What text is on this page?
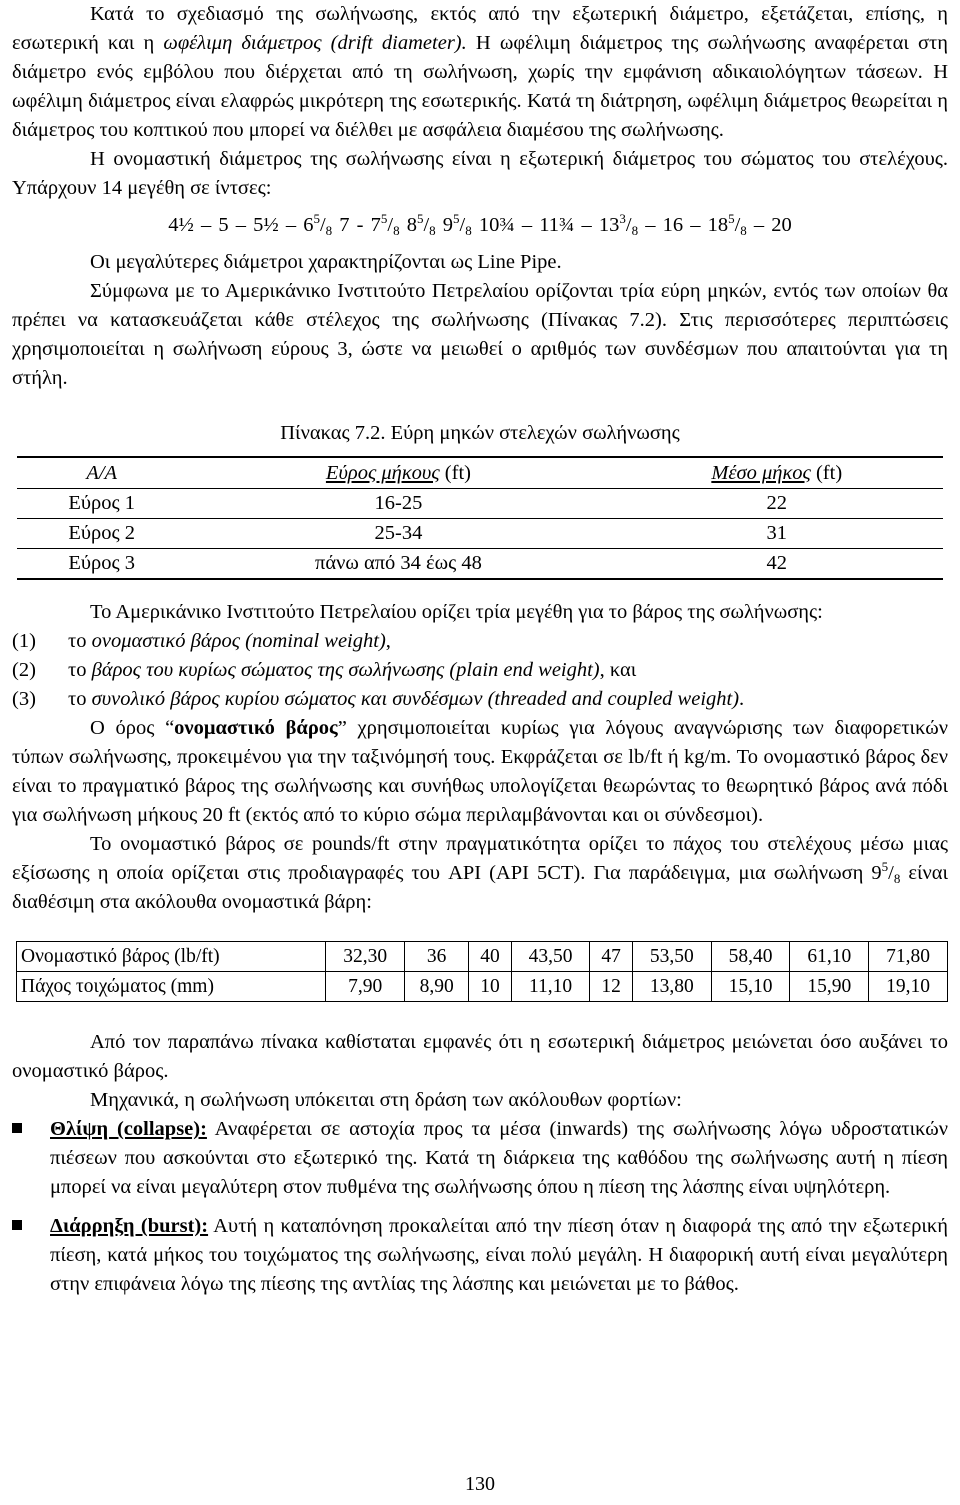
Κατά το σχεδιασμό της σωλήνωσης, εκτός από την εξωτερική διάμετρο, εξετάζεται, επίσης, η εσωτερική και η ωφέλιμη διάμετρος (drift diameter). Η ωφέλιμη διάμετρος της σωλήνωσης αναφέρεται στη διάμετρο ενός εμβόλου που διέρχεται από τη σωλήνωση, χωρίς την εμφάνιση αδικαιολόγητων τάσεων. Η ωφέλιμη διάμετρος είναι ελαφρώς μικρότερη της εσωτερικής. Κατά τη διάτρηση, ωφέλιμη διάμετρος θεωρείται η διάμετρος του κοπτικού που μπορεί να διέλθει με ασφάλεια διαμέσου της σωλήνωσης.

Η ονομαστική διάμετρος της σωλήνωσης είναι η εξωτερική διάμετρος του σώματος του στελέχους. Υπάρχουν 14 μεγέθη σε ίντσες:

4½ – 5 – 5½ – $6^5/_8$ $7 - 7^5/_8$ $8^5/_8$ $9^5/_8$ 10¾ – 11¾ – $13^3/_8 - 16 - 18^5/_8 - 20$

Οι μεγαλύτερες διάμετροι χαρακτηρίζονται ως Line Pipe.

Σύμφωνα με το Αμερικάνικο Ινστιτούτο Πετρελαίου ορίζονται τρία εύρη μηκών, εντός των οποίων θα πρέπει να κατασκευάζεται κάθε στέλεχος της σωλήνωσης (Πίνακας 7.2). Στις περισσότερες περιπτώσεις χρησιμοποιείται η σωλήνωση εύρους 3, ώστε να μειωθεί ο αριθμός των συνδέσμων που απαιτούνται για τη στήλη.

Πίνακας 7.2. Εύρη μηκών στελεχών σωλήνωσης
Α/Α	Εύρος μήκους (ft)	Μέσο μήκος (ft)
Εύρος 1	16-25	22
Εύρος 2	25-34	31
Εύρος 3	πάνω από 34 έως 48	42

Το Αμερικάνικο Ινστιτούτο Πετρελαίου ορίζει τρία μεγέθη για το βάρος της σωλήνωσης:

(1)	το ονομαστικό βάρος (nominal weight),
(2)	το βάρος του κυρίως σώματος της σωλήνωσης (plain end weight), και
(3)	το συνολικό βάρος κυρίου σώματος και συνδέσμων (threaded and coupled weight).

Ο όρος “ονομαστικό βάρος” χρησιμοποιείται κυρίως για λόγους αναγνώρισης των διαφορετικών τύπων σωλήνωσης, προκειμένου για την ταξινόμησή τους. Εκφράζεται σε lb/ft ή kg/m. Το ονομαστικό βάρος δεν είναι το πραγματικό βάρος της σωλήνωσης και συνήθως υπολογίζεται θεωρώντας το θεωρητικό βάρος ανά πόδι για σωλήνωση μήκους 20 ft (εκτός από το κύριο σώμα περιλαμβάνονται και οι σύνδεσμοι).

Το ονομαστικό βάρος σε pounds/ft στην πραγματικότητα ορίζει το πάχος του στελέχους μέσω μιας εξίσωσης η οποία ορίζεται στις προδιαγραφές του API (API 5CT). Για παράδειγμα, μια σωλήνωση $9^5/_8$ είναι διαθέσιμη στα ακόλουθα ονομαστικά βάρη:

Ονομαστικό βάρος (lb/ft)	32,30	36	40	43,50	47	53,50	58,40	61,10	71,80
Πάχος τοιχώματος (mm)	7,90	8,90	10	11,10	12	13,80	15,10	15,90	19,10

Από τον παραπάνω πίνακα καθίσταται εμφανές ότι η εσωτερική διάμετρος μειώνεται όσο αυξάνει το ονομαστικό βάρος.

Μηχανικά, η σωλήνωση υπόκειται στη δράση των ακόλουθων φορτίων:

Θλίψη (collapse): Αναφέρεται σε αστοχία προς τα μέσα (inwards) της σωλήνωσης λόγω υδροστατικών πιέσεων που ασκούνται στο εξωτερικό της. Κατά τη διάρκεια της καθόδου της σωλήνωσης αυτή η πίεση μπορεί να είναι μεγαλύτερη στον πυθμένα της σωλήνωσης όπου η πίεση της λάσπης είναι υψηλότερη.
Διάρρηξη (burst): Αυτή η καταπόνηση προκαλείται από την πίεση όταν η διαφορά της από την εξωτερική πίεση, κατά μήκος του τοιχώματος της σωλήνωσης, είναι πολύ μεγάλη. Η διαφορική αυτή είναι μεγαλύτερη στην επιφάνεια λόγω της πίεσης της αντλίας της λάσπης και μειώνεται με το βάθος.
130
